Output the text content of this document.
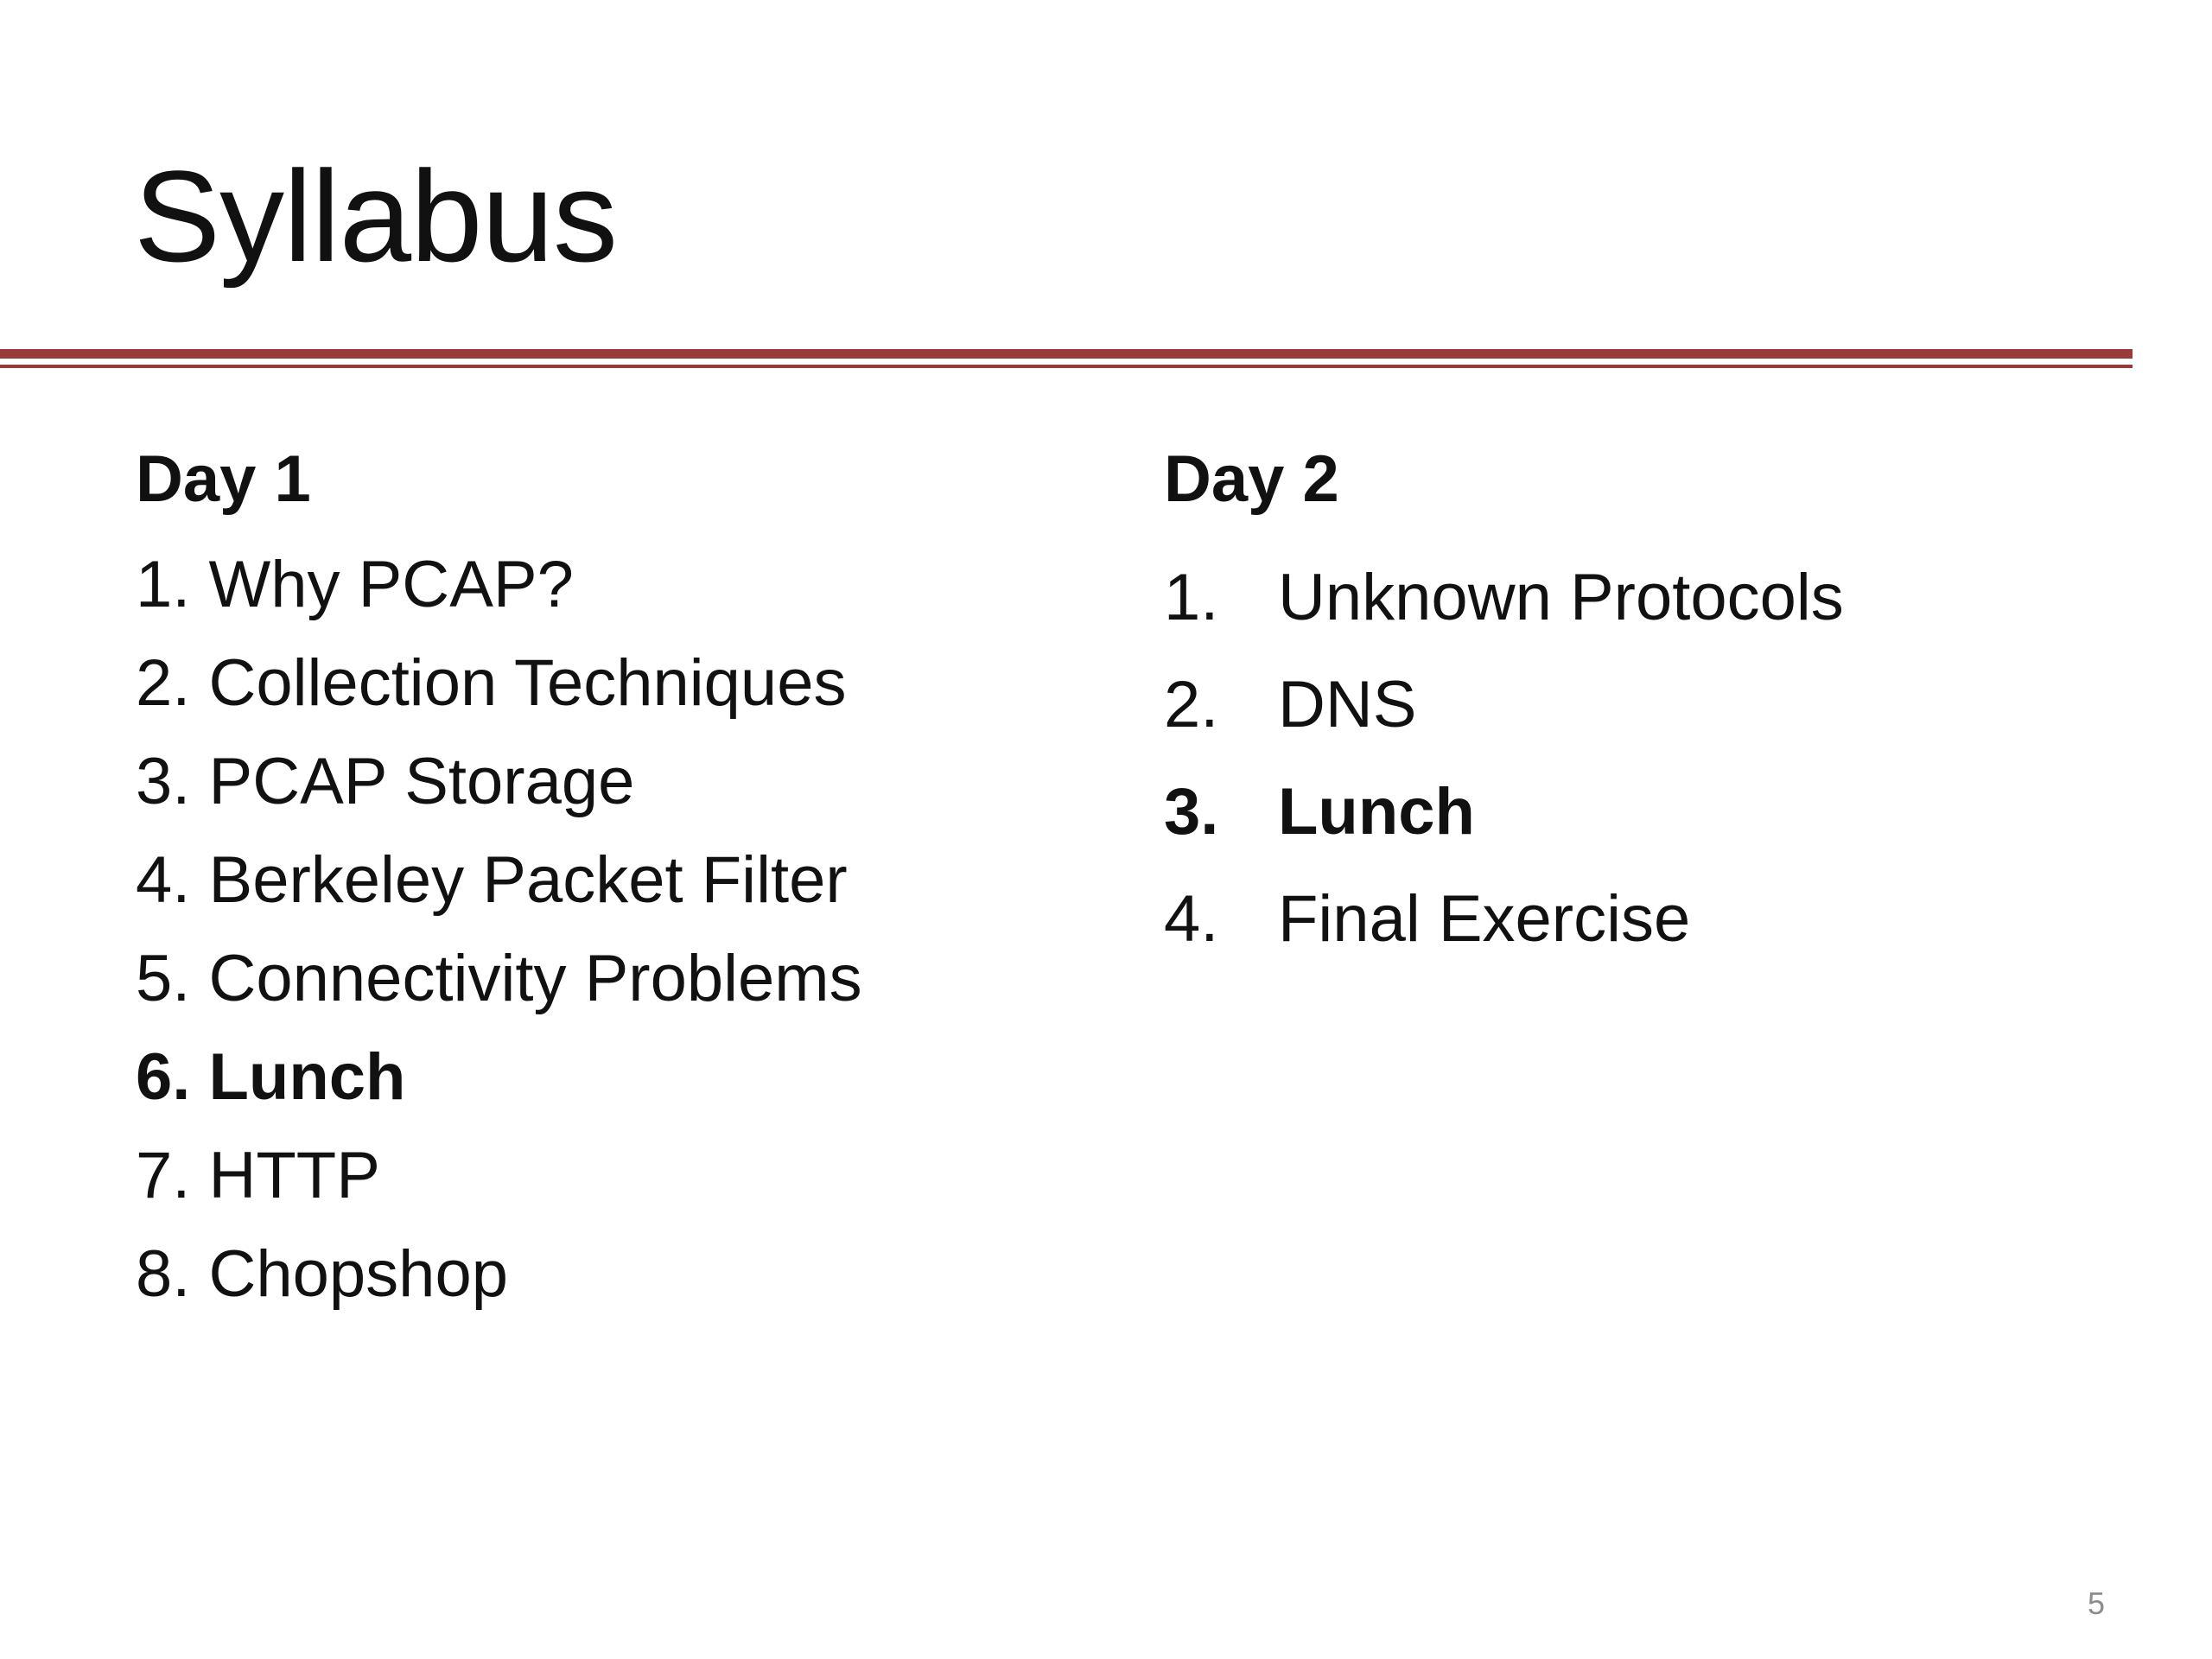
Syllabus
Day 1
1. Why PCAP?
2. Collection Techniques
3. PCAP Storage
4. Berkeley Packet Filter
5. Connectivity Problems
6. Lunch
7. HTTP
8. Chopshop
Day 2
1. Unknown Protocols
2. DNS
3. Lunch
4. Final Exercise
5
